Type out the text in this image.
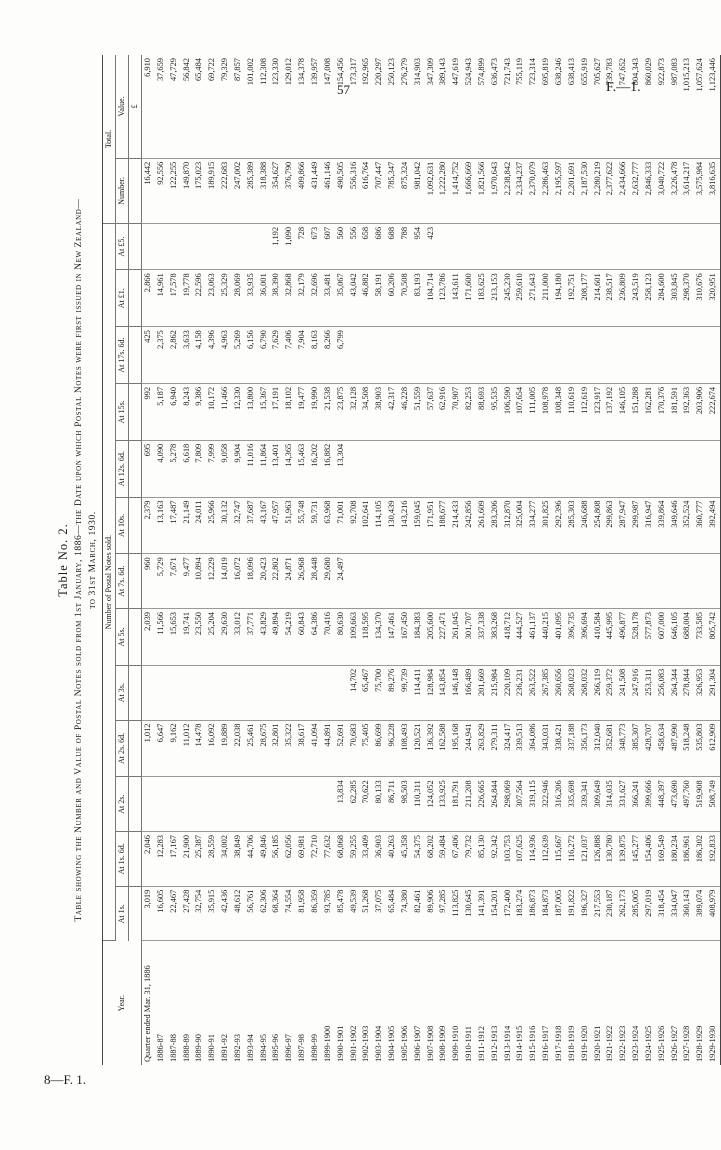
57	F.—1.
8—F. 1.
Table No. 2. Table showing the Number and Value of Postal Notes sold from 1st January, 1886—the Date upon which Postal Notes were first issued in New Zealand— to 31st March, 1930.
Year.	Number of Postal Notes sold.													Total.	
	At 1s.	At 1s. 6d.	At 2s.	At 2s. 6d.	At 3s.	At 5s.	At 7s. 6d.	At 10s.	At 12s. 6d.	At 15s.	At 17s. 6d.	At £1.	At £5.	Number.	Value.
															£
Quarter ended Mar. 31, 1886	3,019	2,046		1,012		2,039	960	2,379	695	992	425	2,866		16,442	6,910
1886-87	16,605	12,283		6,647		11,566	5,729	13,163	4,090	5,187	2,375	14,961		92,556	37,659
1887-88	22,467	17,167		9,162		15,653	7,671	17,487	5,278	6,940	2,862	17,578		122,255	47,729
1888-89	27,428	21,900		11,012		19,741	9,477	21,149	6,618	8,243	3,633	19,778		149,870	56,842
1889-90	32,754	25,387		14,478		23,550	10,894	24,011	7,809	9,386	4,158	22,596		175,023	65,484
1890-91	35,915	28,559		16,092		25,204	12,229	25,966	7,999	10,172	4,396	23,063		189,915	69,722
1891-92	42,436	34,002		19,889		29,630	14,019	30,132	9,058	11,466	4,963	25,329		222,683	79,329
1892-93	48,612	38,849		22,038		33,012	16,072	32,747	9,904	12,330	5,269	28,069		247,002	87,857
1893-94	56,761	44,706		25,461		37,771	18,096	37,687	11,016	13,800	6,156	33,935		285,389	101,002
1894-95	62,306	49,846		28,675		43,829	20,423	43,167	11,864	15,367	6,790	36,001		318,388	112,308
1895-96	68,364	56,185		32,801		49,894	22,802	47,957	13,401	17,191	7,629	38,390	1,192	354,627	123,330
1896-97	74,554	62,056		35,322		54,219	24,871	51,963	14,365	18,102	7,406	32,868	1,090	376,790	129,012
1897-98	81,958	69,981		38,617		60,843	26,968	55,748	15,463	19,477	7,904	32,179	728	409,866	134,378
1898-99	86,359	72,710		41,094		64,386	28,448	59,731	16,202	19,990	8,163	32,696	673	431,449	139,957
1899-1900	93,785	77,632		44,891		70,416	29,680	63,968	16,882	21,538	8,266	33,481	607	461,146	147,008
1900-1901	85,478	68,068	13,834	52,691		80,630	24,497	71,001	13,304	23,875	6,799	35,067	560	490,505	154,456
1901-1902	49,539	59,255	62,285	70,683	14,702	109,663		92,708		32,128		43,042	556	556,316	173,317
1902-1903	51,268	33,409	70,622	75,405	65,467	118,595		102,641		34,508		46,882	658	616,764	192,965
1903-1904	37,075	36,903	80,133	86,699	75,700	134,370		114,105		38,903		58,191	686	707,447	220,297
1904-1905	65,484	40,263	86,711	96,228	89,276	147,461		130,439		42,317		60,206	688	785,347	250,123
1905-1906	74,380	45,358	98,503	108,493	99,739	167,450		143,216		46,228		70,508	788	875,324	276,279
1906-1907	82,461	54,375	110,311	120,521	114,411	184,383		159,045		51,559		83,193	954	981,042	314,903
1907-1908	89,906	68,202	124,052	136,392	128,984	205,600		171,951		57,637		104,714	423	1,092,631	347,309
1908-1909	97,285	59,484	133,925	162,588	143,854	227,471		188,677		62,916		123,786		1,222,280	389,143
1909-1910	113,825	67,406	181,791	195,168	146,148	261,045		214,433		70,907		143,611		1,414,752	447,619
1910-1911	130,645	79,732	211,208	244,941	166,489	301,707		242,856		82,253		171,600		1,666,669	524,943
1911-1912	141,391	85,130	226,665	263,829	201,669	337,338		261,609		88,693		183,625		1,821,566	574,899
1912-1913	154,201	92,342	264,844	279,311	215,984	383,268		283,206		95,535		213,153		1,970,643	636,473
1913-1914	172,400	103,753	298,069	324,417	220,109	418,712		312,870		106,590		245,230		2,238,842	721,743
1914-1915	183,274	107,625	307,564	339,513	236,231	444,527		325,004		107,654		259,610		2,334,237	755,119
1915-1916	186,873	114,936	319,115	364,086	263,522	461,137		334,277		111,005		271,643		2,370,079	723,314
1916-1917	184,873	112,639	322,946	343,031	267,385	440,215		301,825		108,978		211,000		2,286,463	695,819
1917-1918	187,005	115,667	316,206	338,421	260,656	401,095		292,396		108,348		194,180		2,195,597	638,246
1918-1919	191,822	116,272	335,698	337,188	268,023	396,735		285,303		110,619		192,751		2,201,691	638,413
1919-1920	196,327	121,037	339,341	356,173	268,032	396,694		246,688		112,619		208,177		2,187,530	655,919
1920-1921	217,553	126,888	309,649	312,040	266,119	410,584		254,808		123,917		214,601		2,280,219	705,627
1921-1922	230,187	130,780	314,035	352,681	259,372	445,995		299,863		137,192		238,517		2,377,622	739,783
1922-1923	262,173	139,875	331,627	348,773	241,508	496,877		287,947		146,105		236,809		2,434,666	747,652
1923-1924	285,005	145,277	366,241	385,307	247,916	528,178		299,987		151,288		243,519		2,632,777	804,343
1924-1925	297,019	154,406	399,666	428,707	253,311	577,873		316,947		162,281		258,123		2,846,333	860,029
1925-1926	318,454	169,549	448,397	458,634	256,083	607,000		339,864		170,376		284,600		3,040,722	922,873
1926-1927	334,047	180,234	473,690	487,990	264,344	646,105		349,646		181,591		303,845		3,226,478	987,083
1927-1928	360,143	186,961	497,760	518,248	278,844	688,004		352,524		192,363		298,370		3,614,217	1,015,213
1928-1929	389,074	186,302	519,908	535,803	326,953	733,585		360,777		203,906		310,676		3,575,984	1,057,624
1929-1930	408,979	192,833	508,749	612,909	291,304	805,742		392,494		222,674		320,951		3,816,635	1,123,446
